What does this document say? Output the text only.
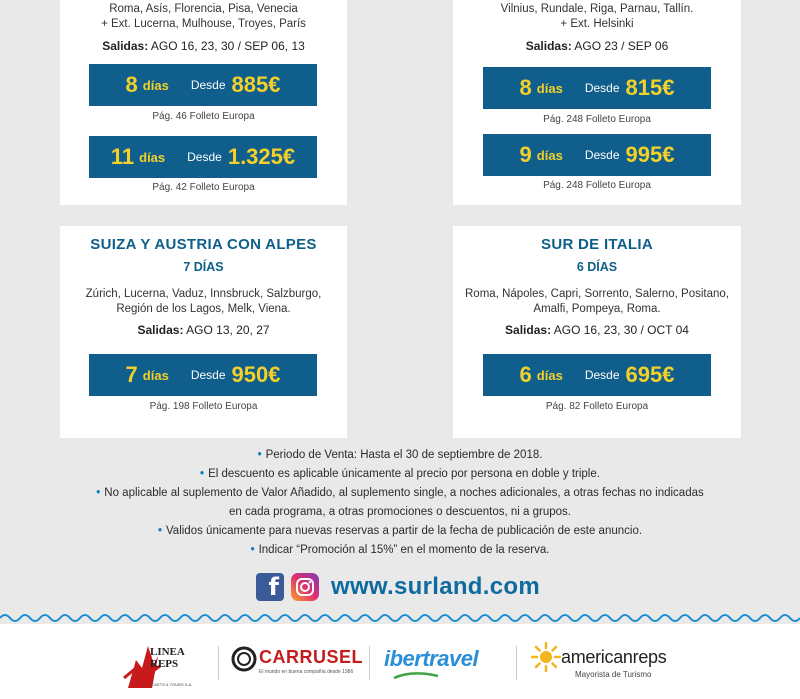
Roma, Asís, Florencia, Pisa, Venecia
+ Ext. Lucerna, Mulhouse, Troyes, París
Salidas: AGO 16, 23, 30 / SEP 06, 13
8 días Desde 885€
Pág. 46 Folleto Europa
11 días Desde 1.325€
Pág. 42 Folleto Europa
Vilnius, Rundale, Riga, Parnau, Tallín.
+ Ext. Helsinki
Salidas: AGO 23 / SEP 06
8 días Desde 815€
Pág. 248 Folleto Europa
9 días Desde 995€
Pág. 248 Folleto Europa
SUIZA Y AUSTRIA CON ALPES
7 DÍAS
Zúrich, Lucerna, Vaduz, Innsbruck, Salzburgo,
Región de los Lagos, Melk, Viena.
Salidas: AGO 13, 20, 27
7 días Desde 950€
Pág. 198 Folleto Europa
SUR DE ITALIA
6 DÍAS
Roma, Nápoles, Capri, Sorrento, Salerno, Positano,
Amalfi, Pompeya, Roma.
Salidas: AGO 16, 23, 30 / OCT 04
6 días Desde 695€
Pág. 82 Folleto Europa
• Periodo de Venta: Hasta el 30 de septiembre de 2018.
• El descuento es aplicable únicamente al precio por persona en doble y triple.
• No aplicable al suplemento de Valor Añadido, al suplemento single, a noches adicionales, a otras fechas no indicadas
en cada programa, a otras promociones o descuentos, ni a grupos.
• Validos únicamente para nuevas reservas a partir de la fecha de publicación de este anuncio.
• Indicar “Promoción al 15%” en el momento de la reserva.
f www.surland.com
LINEA REPS
TICKETS & TOURS S.A.
CARRUSEL
El mundo en buena compañía desde 1986
ibertravel	americanreps
Mayorista de Turismo
